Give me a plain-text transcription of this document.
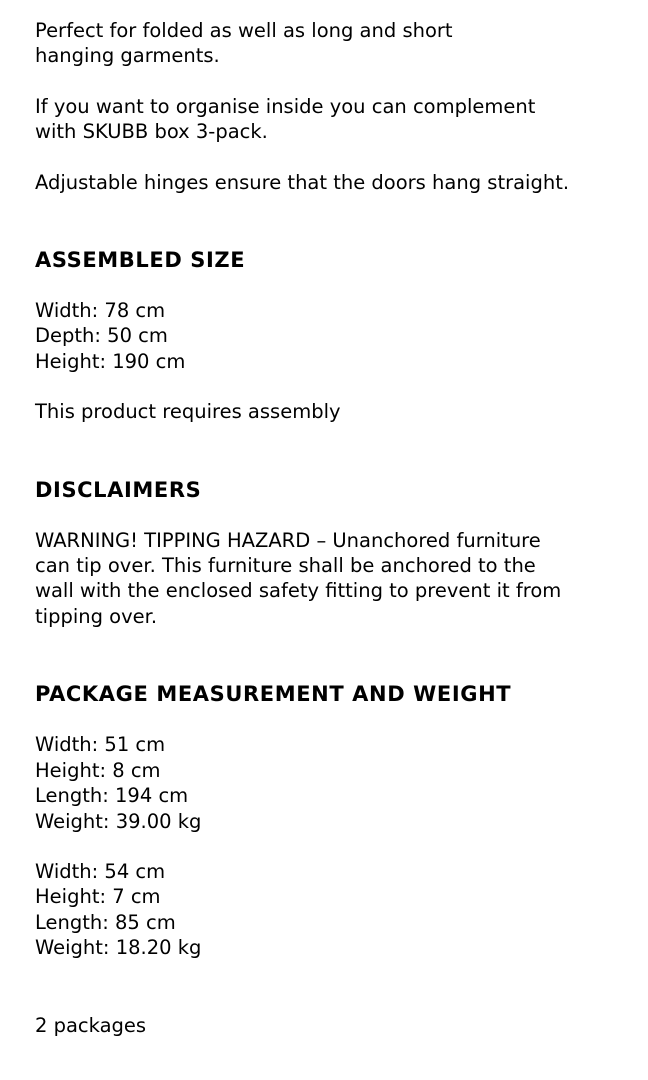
Perfect for folded as well as long and short
hanging garments.

If you want to organise inside you can complement
with SKUBB box 3-pack.

Adjustable hinges ensure that the doors hang straight.

ASSEMBLED SIZE
Width: 78 cm
Depth: 50 cm
Height: 190 cm

This product requires assembly

DISCLAIMERS

WARNING! TIPPING HAZARD – Unanchored furniture
can tip over. This furniture shall be anchored to the
wall with the enclosed safety fitting to prevent it from
tipping over.

PACKAGE MEASUREMENT AND WEIGHT
Width: 51 cm
Height: 8 cm
Length: 194 cm
Weight: 39.00 kg
Width: 54 cm
Height: 7 cm
Length: 85 cm
Weight: 18.20 kg

2 packages
